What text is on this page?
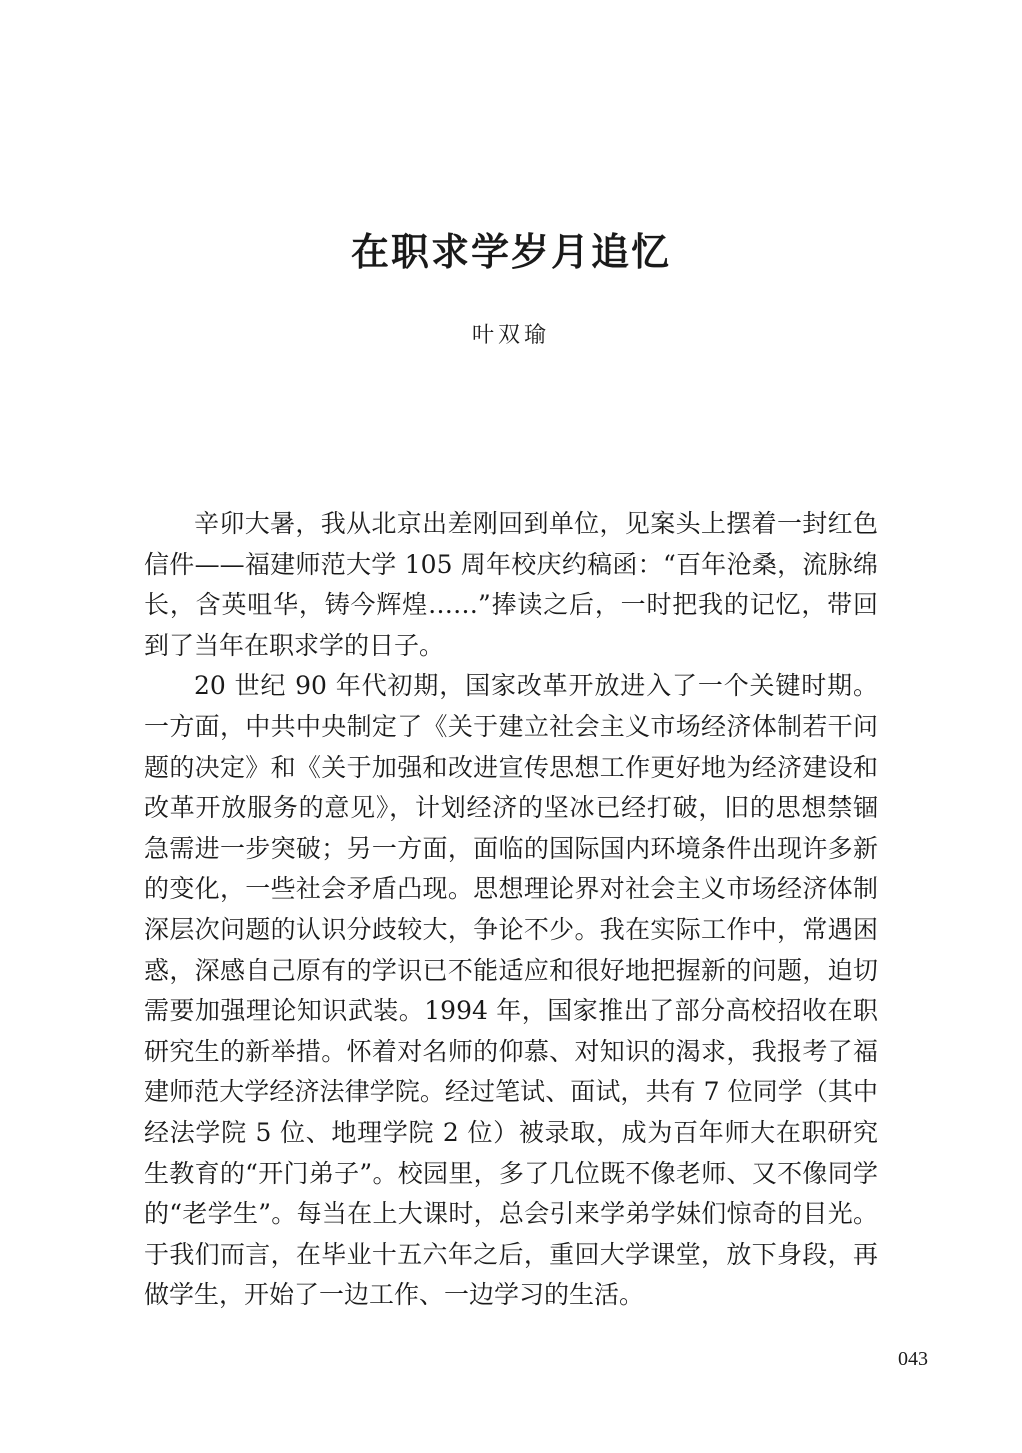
在职求学岁月追忆
叶双瑜

辛卯大暑，我从北京出差刚回到单位，见案头上摆着一封红色信件——福建师范大学 105 周年校庆约稿函：“百年沧桑，流脉绵长，含英咀华，铸今辉煌……”捧读之后，一时把我的记忆，带回到了当年在职求学的日子。

20 世纪 90 年代初期，国家改革开放进入了一个关键时期。一方面，中共中央制定了《关于建立社会主义市场经济体制若干问题的决定》和《关于加强和改进宣传思想工作更好地为经济建设和改革开放服务的意见》，计划经济的坚冰已经打破，旧的思想禁锢急需进一步突破；另一方面，面临的国际国内环境条件出现许多新的变化，一些社会矛盾凸现。思想理论界对社会主义市场经济体制深层次问题的认识分歧较大，争论不少。我在实际工作中，常遇困惑，深感自己原有的学识已不能适应和很好地把握新的问题，迫切需要加强理论知识武装。1994 年，国家推出了部分高校招收在职研究生的新举措。怀着对名师的仰慕、对知识的渴求，我报考了福建师范大学经济法律学院。经过笔试、面试，共有 7 位同学（其中经法学院 5 位、地理学院 2 位）被录取，成为百年师大在职研究生教育的“开门弟子”。校园里，多了几位既不像老师、又不像同学的“老学生”。每当在上大课时，总会引来学弟学妹们惊奇的目光。于我们而言，在毕业十五六年之后，重回大学课堂，放下身段，再做学生，开始了一边工作、一边学习的生活。

043
